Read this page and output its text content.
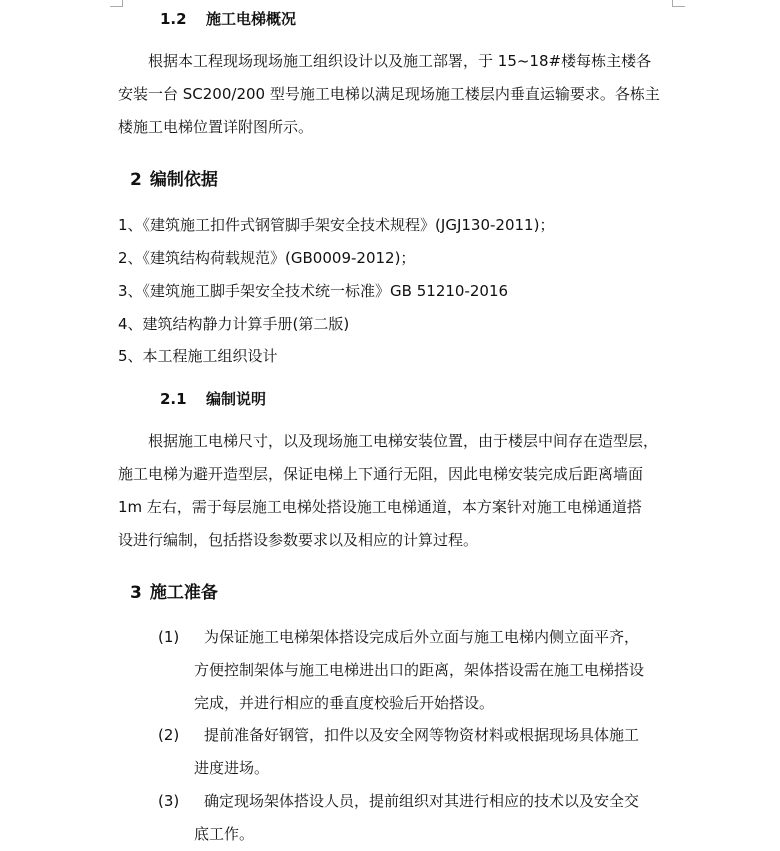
1.2 施工电梯概况
根据本工程现场现场施工组织设计以及施工部署，于 15~18#楼每栋主楼各
安装一台 SC200/200 型号施工电梯以满足现场施工楼层内垂直运输要求。各栋主
楼施工电梯位置详附图所示。
2 编制依据
1、《建筑施工扣件式钢管脚手架安全技术规程》(JGJ130-2011)；
2、《建筑结构荷载规范》(GB0009-2012)；
3、《建筑施工脚手架安全技术统一标准》GB 51210-2016
4、建筑结构静力计算手册(第二版)
5、本工程施工组织设计
2.1 编制说明
根据施工电梯尺寸，以及现场施工电梯安装位置，由于楼层中间存在造型层，
施工电梯为避开造型层，保证电梯上下通行无阻，因此电梯安装完成后距离墙面
1m 左右，需于每层施工电梯处搭设施工电梯通道，本方案针对施工电梯通道搭
设进行编制，包括搭设参数要求以及相应的计算过程。
3 施工准备
(1) 为保证施工电梯架体搭设完成后外立面与施工电梯内侧立面平齐，
方便控制架体与施工电梯进出口的距离，架体搭设需在施工电梯搭设
完成，并进行相应的垂直度校验后开始搭设。
(2) 提前准备好钢管，扣件以及安全网等物资材料或根据现场具体施工
进度进场。
(3) 确定现场架体搭设人员，提前组织对其进行相应的技术以及安全交
底工作。
